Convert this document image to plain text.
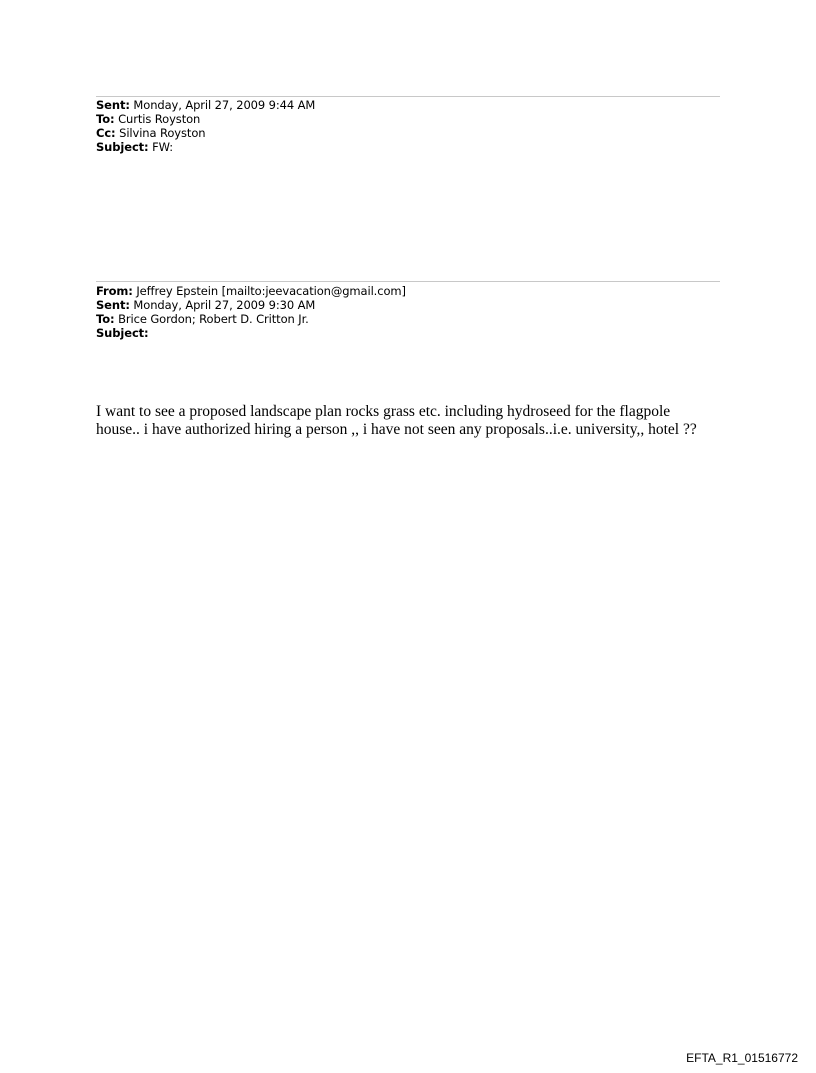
Sent: Monday, April 27, 2009 9:44 AM
To: Curtis Royston
Cc: Silvina Royston
Subject: FW:
From: Jeffrey Epstein [mailto:jeevacation@gmail.com]
Sent: Monday, April 27, 2009 9:30 AM
To: Brice Gordon; Robert D. Critton Jr.
Subject:

I want to see a proposed landscape plan rocks grass etc. including hydroseed for the flagpole

house.. i have authorized hiring a person ,, i have not seen any proposals..i.e. university,, hotel ??

EFTA_R1_01516772
